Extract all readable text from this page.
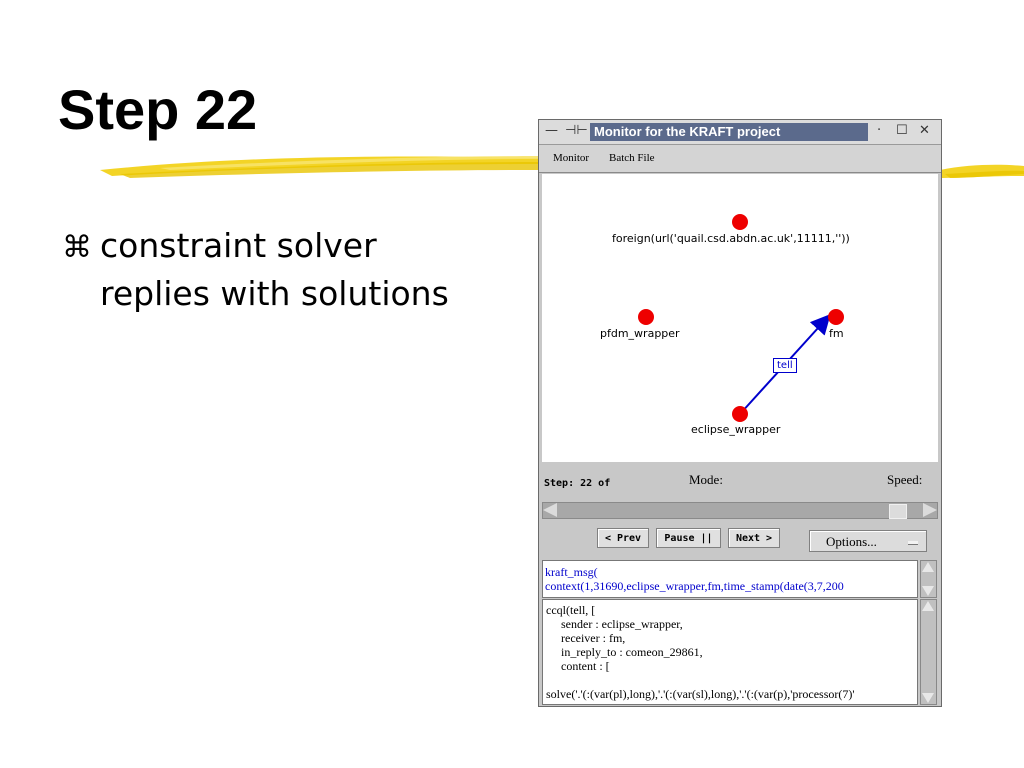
Step 22
⌘ constraint solver
replies with solutions
— ⊣⊢ Monitor for the KRAFT project	· ☐ ✕
Monitor Batch File
foreign(url('quail.csd.abdn.ac.uk',11111,''))
pfdm_wrapper	fm
eclipse_wrapper
tell
Step: 22 of	Mode:	Speed:
< Prev	Pause ||	Next >	Options...
kraft_msg(
context(1,31690,eclipse_wrapper,fm,time_stamp(date(3,7,200
ccql(tell, [
sender : eclipse_wrapper,
receiver : fm,
in_reply_to : comeon_29861,
content : [
solve('.'(:(var(pl),long),'.'(:(var(sl),long),'.'(:(var(p),'processor(7)'
